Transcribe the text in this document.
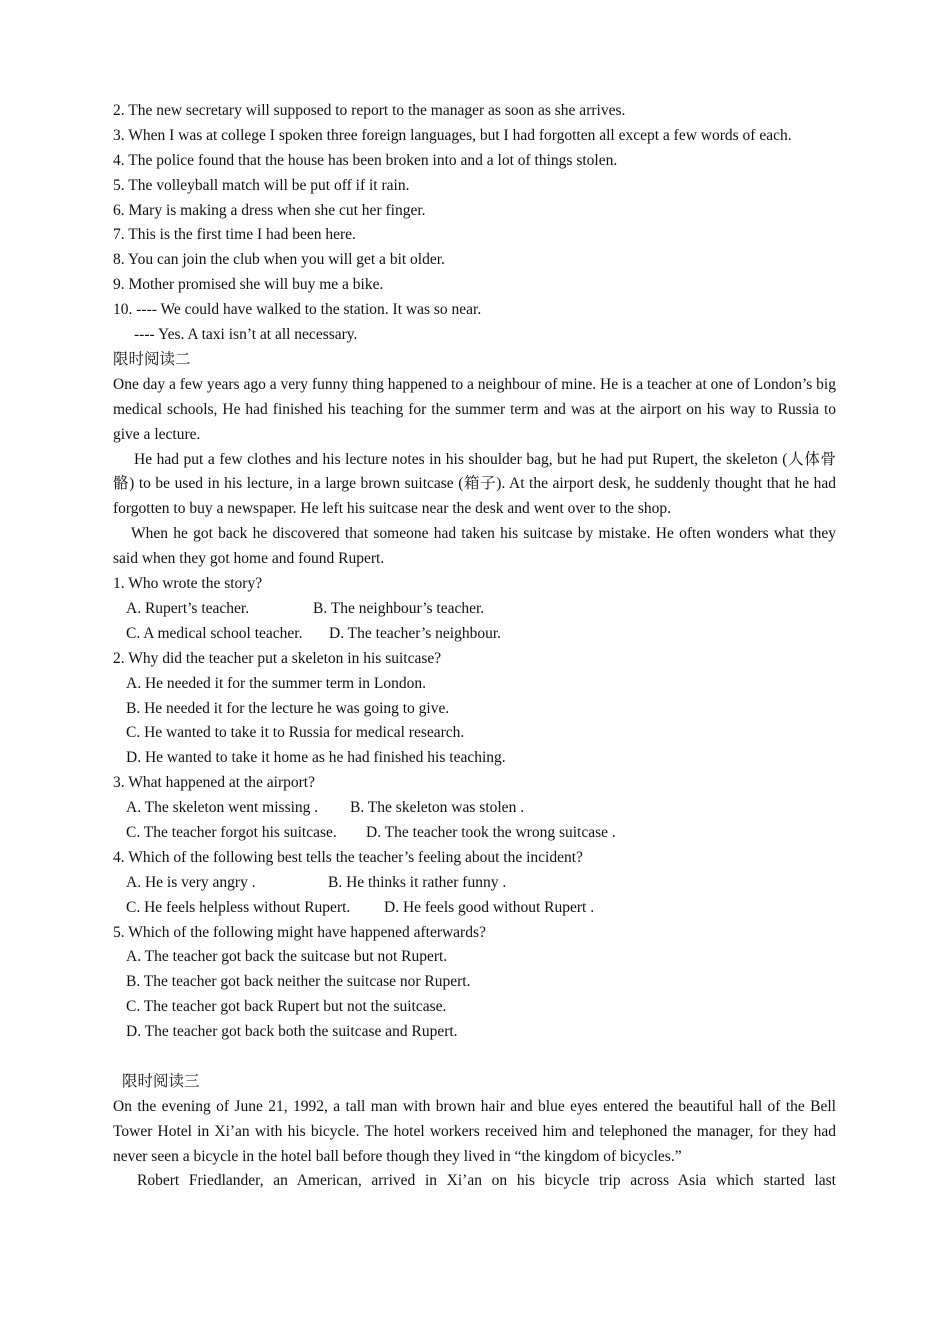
2. The new secretary will supposed to report to the manager as soon as she arrives.
3. When I was at college I spoken three foreign languages, but I had forgotten all except a few words of each.
4. The police found that the house has been broken into and a lot of things stolen.
5. The volleyball match will be put off if it rain.
6. Mary is making a dress when she cut her finger.
7. This is the first time I had been here.
8. You can join the club when you will get a bit older.
9. Mother promised she will buy me a bike.
10. ---- We could have walked to the station. It was so near.
---- Yes. A taxi isn’t at all necessary.
限时阅读二
One day a few years ago a very funny thing happened to a neighbour of mine. He is a teacher at one of London’s big medical schools, He had finished his teaching for the summer term and was at the airport on his way to Russia to give a lecture.
He had put a few clothes and his lecture notes in his shoulder bag, but he had put Rupert, the skeleton (人体骨骼) to be used in his lecture, in a large brown suitcase (箱子). At the airport desk, he suddenly thought that he had forgotten to buy a newspaper. He left his suitcase near the desk and went over to the shop.
When he got back he discovered that someone had taken his suitcase by mistake. He often wonders what they said when they got home and found Rupert.
1. Who wrote the story?
A. Rupert’s teacher.	B. The neighbour’s teacher.
C. A medical school teacher. D. The teacher’s neighbour.
2. Why did the teacher put a skeleton in his suitcase?
A. He needed it for the summer term in London.
B. He needed it for the lecture he was going to give.
C. He wanted to take it to Russia for medical research.
D. He wanted to take it home as he had finished his teaching.
3. What happened at the airport?
A. The skeleton went missing . B. The skeleton was stolen .
C. The teacher forgot his suitcase. D. The teacher took the wrong suitcase .
4. Which of the following best tells the teacher’s feeling about the incident?
A. He is very angry .	B. He thinks it rather funny .
C. He feels helpless without Rupert. D. He feels good without Rupert .
5. Which of the following might have happened afterwards?
A. The teacher got back the suitcase but not Rupert.
B. The teacher got back neither the suitcase nor Rupert.
C. The teacher got back Rupert but not the suitcase.
D. The teacher got back both the suitcase and Rupert.
限时阅读三
On the evening of June 21, 1992, a tall man with brown hair and blue eyes entered the beautiful hall of the Bell Tower Hotel in Xi’an with his bicycle. The hotel workers received him and telephoned the manager, for they had never seen a bicycle in the hotel ball before though they lived in “the kingdom of bicycles.”
Robert Friedlander, an American, arrived in Xi’an on his bicycle trip across Asia which started last
